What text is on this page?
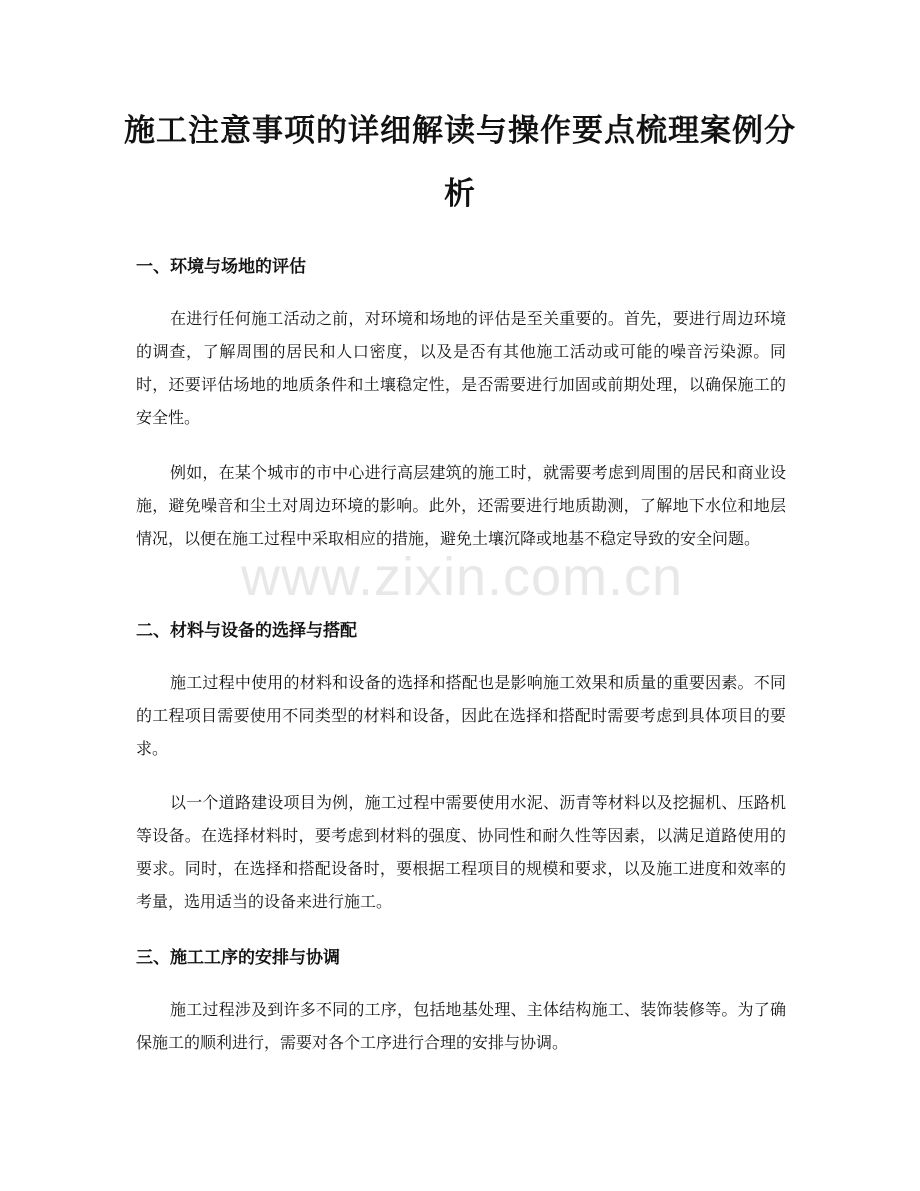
施工注意事项的详细解读与操作要点梳理案例分析
一、环境与场地的评估

在进行任何施工活动之前，对环境和场地的评估是至关重要的。首先，要进行周边环境的调查，了解周围的居民和人口密度，以及是否有其他施工活动或可能的噪音污染源。同时，还要评估场地的地质条件和土壤稳定性，是否需要进行加固或前期处理，以确保施工的安全性。

例如，在某个城市的市中心进行高层建筑的施工时，就需要考虑到周围的居民和商业设施，避免噪音和尘土对周边环境的影响。此外，还需要进行地质勘测，了解地下水位和地层情况，以便在施工过程中采取相应的措施，避免土壤沉降或地基不稳定导致的安全问题。

二、材料与设备的选择与搭配

施工过程中使用的材料和设备的选择和搭配也是影响施工效果和质量的重要因素。不同的工程项目需要使用不同类型的材料和设备，因此在选择和搭配时需要考虑到具体项目的要求。

以一个道路建设项目为例，施工过程中需要使用水泥、沥青等材料以及挖掘机、压路机等设备。在选择材料时，要考虑到材料的强度、协同性和耐久性等因素，以满足道路使用的要求。同时，在选择和搭配设备时，要根据工程项目的规模和要求，以及施工进度和效率的考量，选用适当的设备来进行施工。

三、施工工序的安排与协调

施工过程涉及到许多不同的工序，包括地基处理、主体结构施工、装饰装修等。为了确保施工的顺利进行，需要对各个工序进行合理的安排与协调。

www.zixin.com.cn
